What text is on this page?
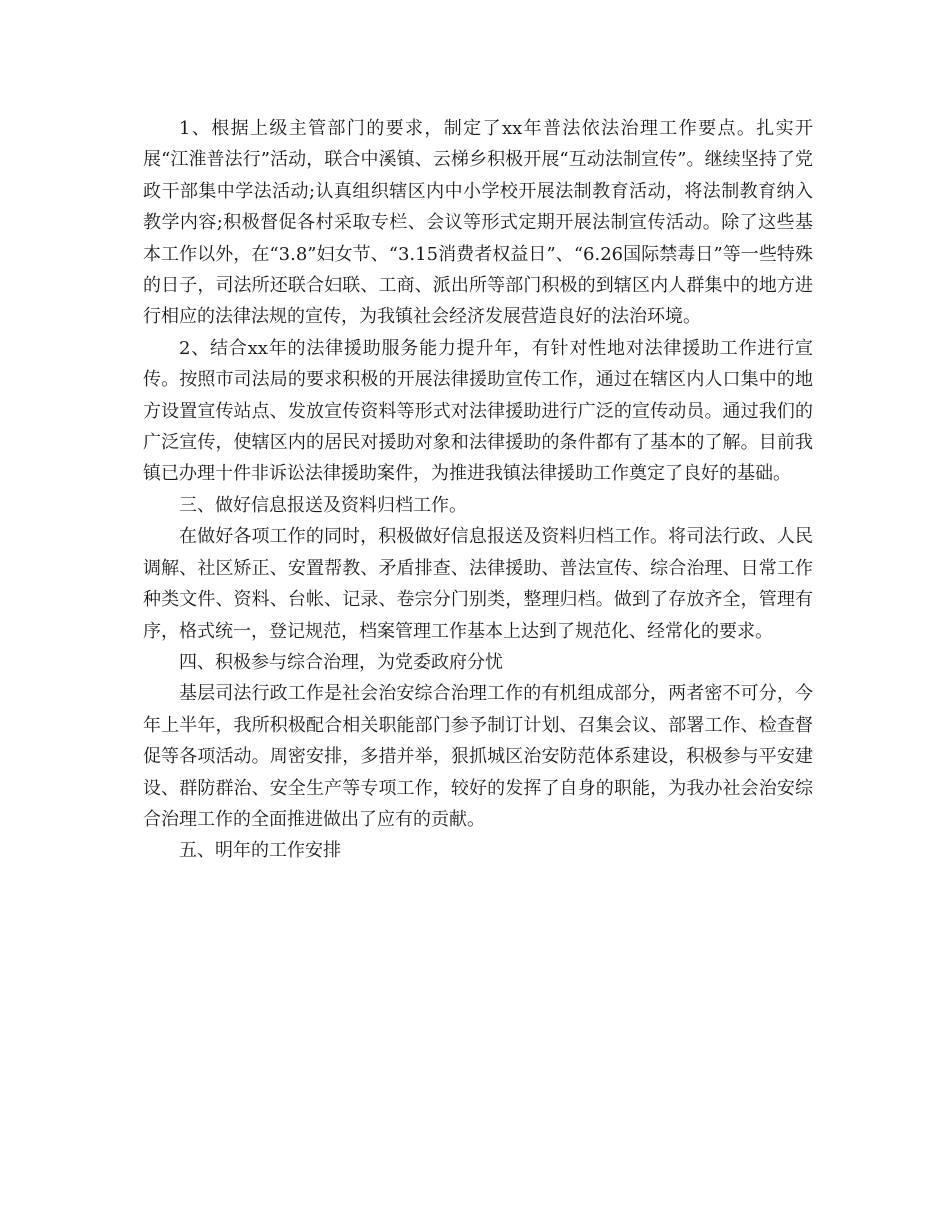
1、根据上级主管部门的要求，制定了xx年普法依法治理工作要点。扎实开展“江淮普法行”活动，联合中溪镇、云梯乡积极开展“互动法制宣传”。继续坚持了党政干部集中学法活动;认真组织辖区内中小学校开展法制教育活动，将法制教育纳入教学内容;积极督促各村采取专栏、会议等形式定期开展法制宣传活动。除了这些基本工作以外，在“3.8”妇女节、“3.15消费者权益日”、“6.26国际禁毒日”等一些特殊的日子，司法所还联合妇联、工商、派出所等部门积极的到辖区内人群集中的地方进行相应的法律法规的宣传，为我镇社会经济发展营造良好的法治环境。

2、结合xx年的法律援助服务能力提升年，有针对性地对法律援助工作进行宣传。按照市司法局的要求积极的开展法律援助宣传工作，通过在辖区内人口集中的地方设置宣传站点、发放宣传资料等形式对法律援助进行广泛的宣传动员。通过我们的广泛宣传，使辖区内的居民对援助对象和法律援助的条件都有了基本的了解。目前我镇已办理十件非诉讼法律援助案件，为推进我镇法律援助工作奠定了良好的基础。

三、做好信息报送及资料归档工作。

在做好各项工作的同时，积极做好信息报送及资料归档工作。将司法行政、人民调解、社区矫正、安置帮教、矛盾排查、法律援助、普法宣传、综合治理、日常工作种类文件、资料、台帐、记录、卷宗分门别类，整理归档。做到了存放齐全，管理有序，格式统一，登记规范，档案管理工作基本上达到了规范化、经常化的要求。

四、积极参与综合治理，为党委政府分忧

基层司法行政工作是社会治安综合治理工作的有机组成部分，两者密不可分，今年上半年，我所积极配合相关职能部门参予制订计划、召集会议、部署工作、检查督促等各项活动。周密安排，多措并举，狠抓城区治安防范体系建设，积极参与平安建设、群防群治、安全生产等专项工作，较好的发挥了自身的职能，为我办社会治安综合治理工作的全面推进做出了应有的贡献。

五、明年的工作安排
